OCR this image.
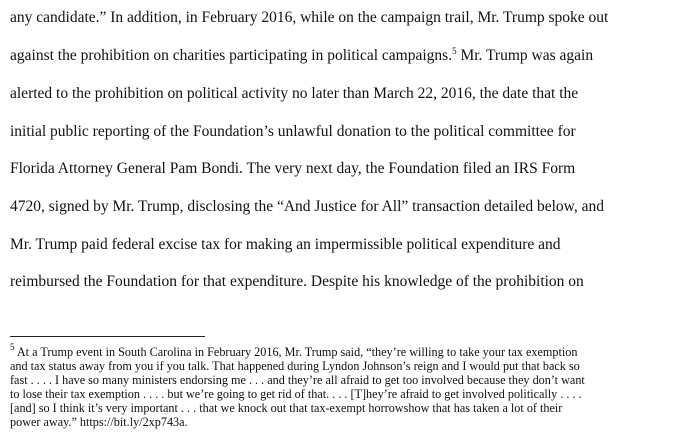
any candidate.” In addition, in February 2016, while on the campaign trail, Mr. Trump spoke out
against the prohibition on charities participating in political campaigns.$^5$ Mr. Trump was again
alerted to the prohibition on political activity no later than March 22, 2016, the date that the
initial public reporting of the Foundation’s unlawful donation to the political committee for
Florida Attorney General Pam Bondi. The very next day, the Foundation filed an IRS Form
4720, signed by Mr. Trump, disclosing the “And Justice for All” transaction detailed below, and
Mr. Trump paid federal excise tax for making an impermissible political expenditure and
reimbursed the Foundation for that expenditure. Despite his knowledge of the prohibition on
$^5$ At a Trump event in South Carolina in February 2016, Mr. Trump said, “they’re willing to take your tax exemption
and tax status away from you if you talk. That happened during Lyndon Johnson’s reign and I would put that back so
fast . . . . I have so many ministers endorsing me . . . and they’re all afraid to get too involved because they don’t want
to lose their tax exemption . . . . but we’re going to get rid of that. . . . [T]hey’re afraid to get involved politically . . . .
[and] so I think it’s very important . . . that we knock out that tax-exempt horrowshow that has taken a lot of their
power away.” https://bit.ly/2xp743a.
